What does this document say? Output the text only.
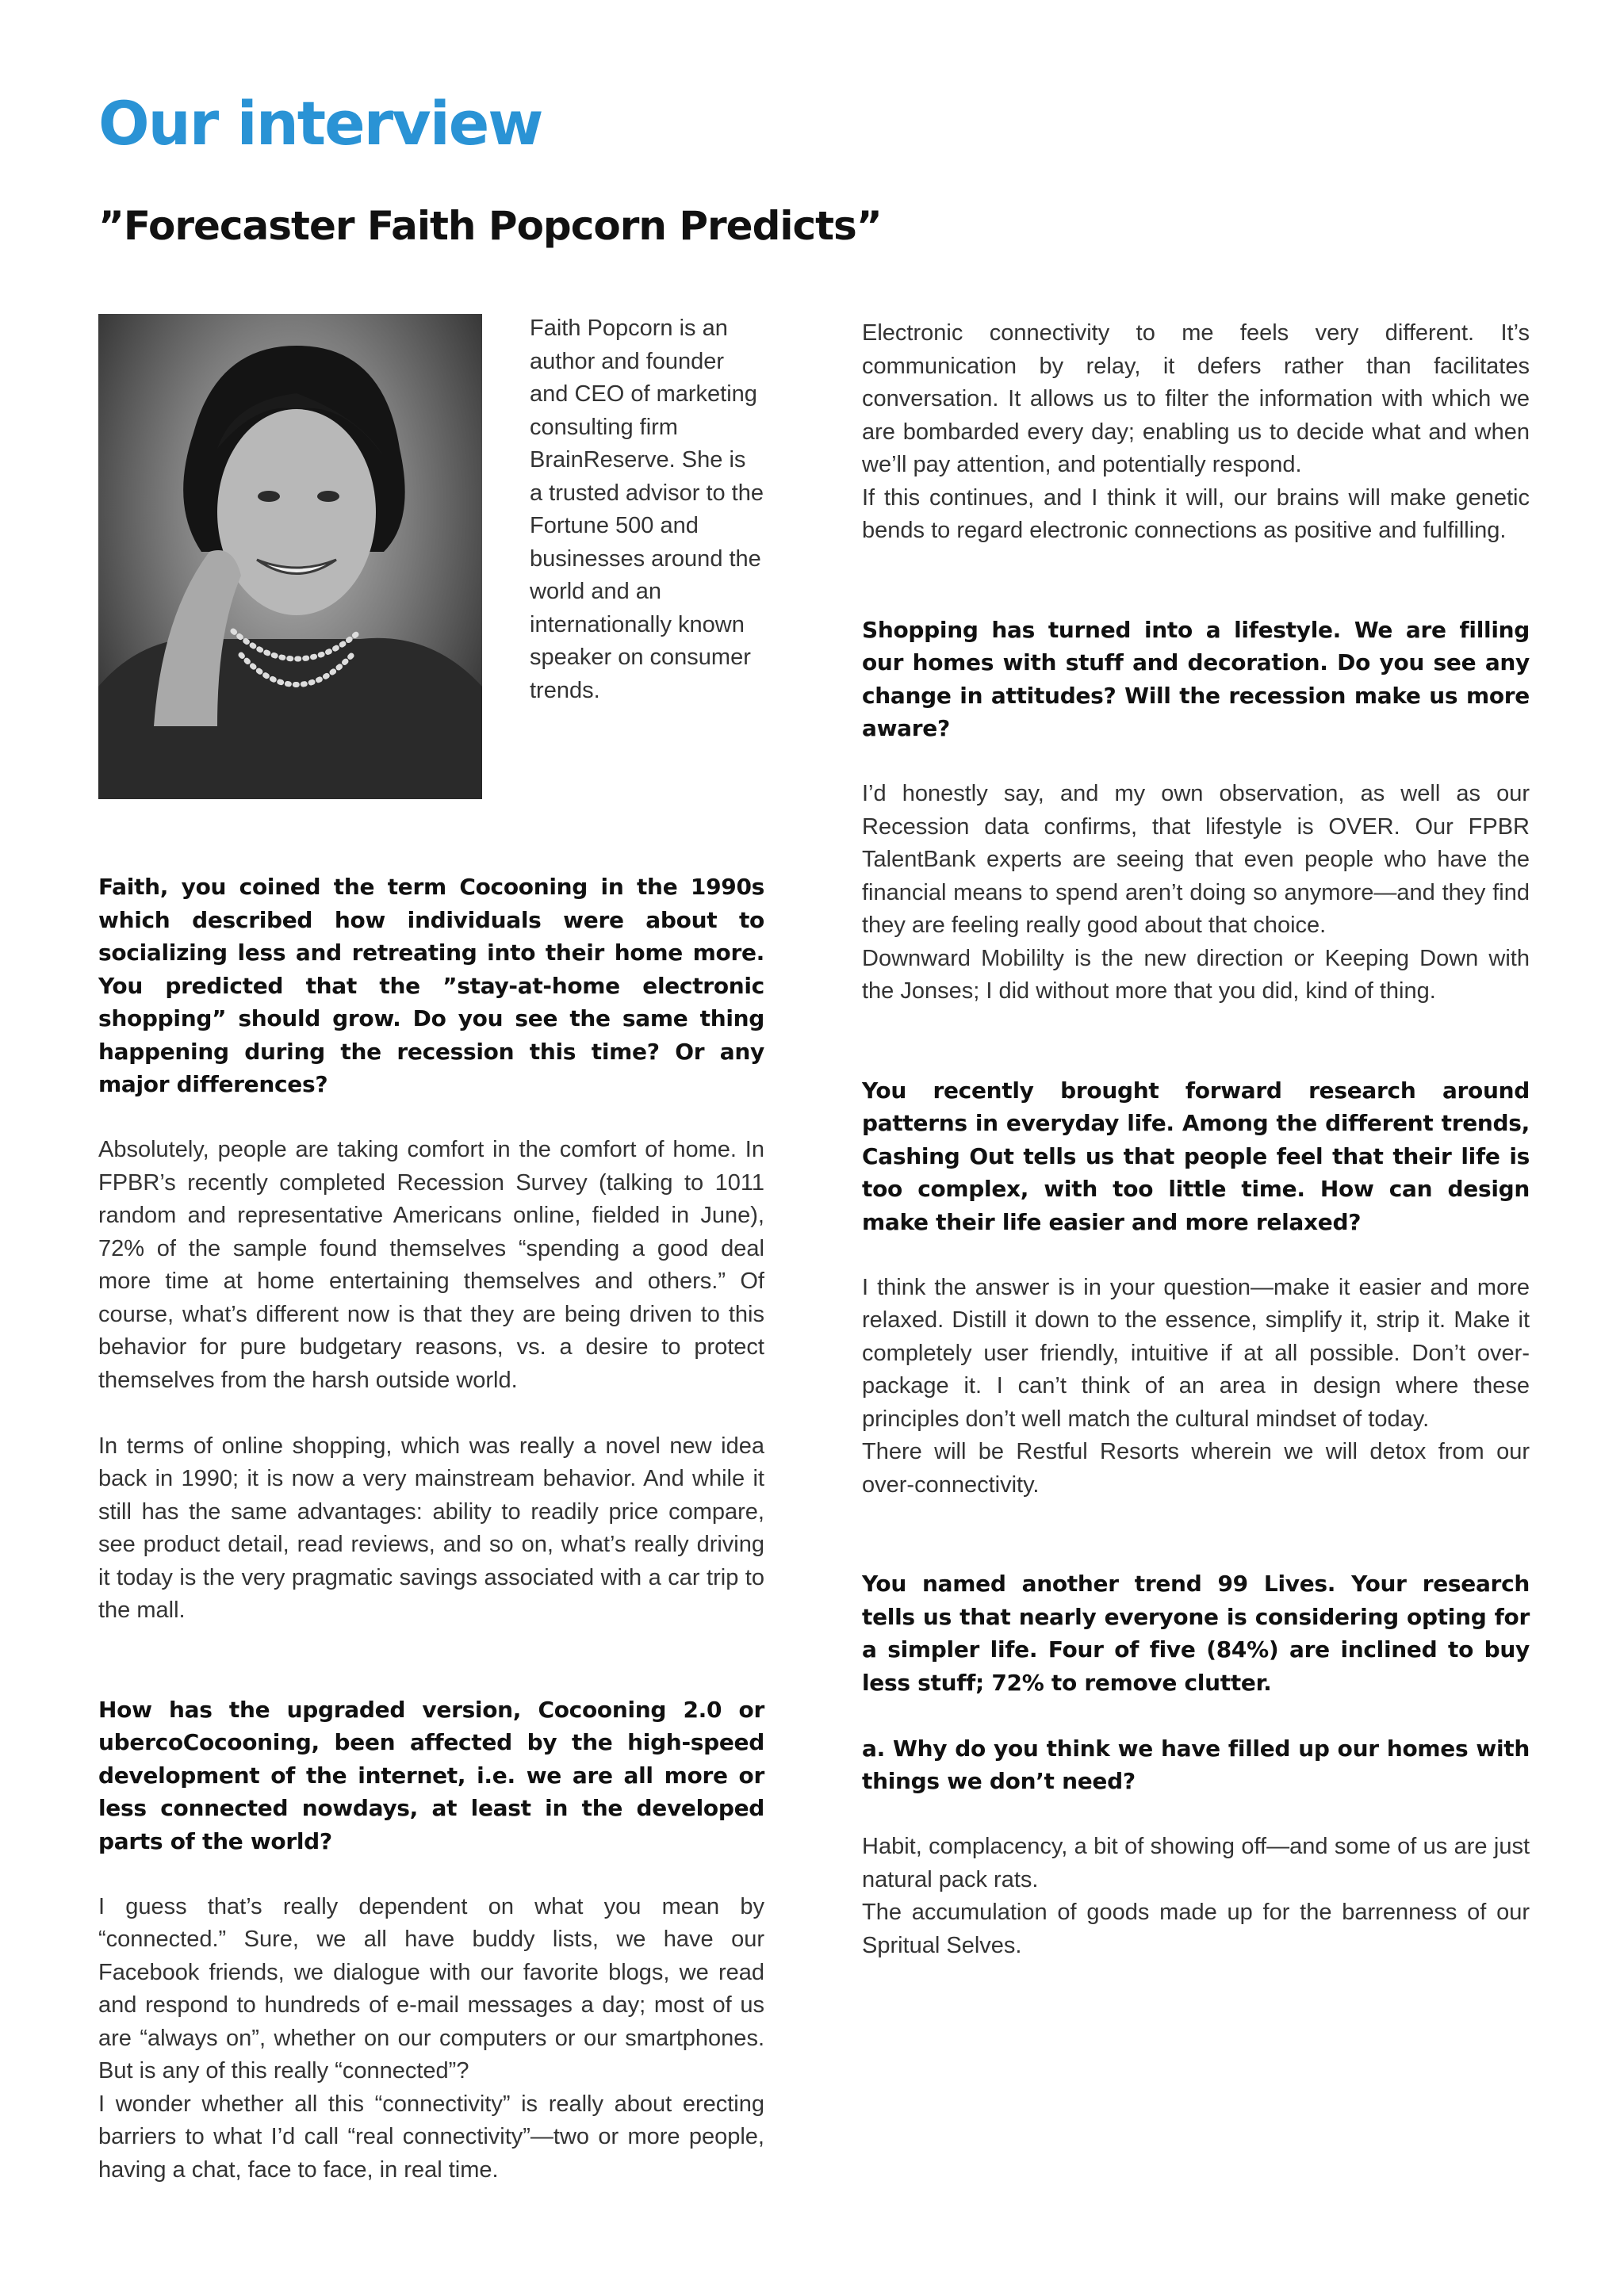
Our interview
”Forecaster Faith Popcorn Predicts”

Faith Popcorn is an author and founder and CEO of marketing consulting firm BrainReserve. She is a trusted advisor to the Fortune 500 and businesses around the world and an internationally known speaker on consumer trends.

Faith, you coined the term Cocooning in the 1990s which described how individuals were about to socializing less and retreating into their home more. You predicted that the ”stay-at-home electronic shopping” should grow. Do you see the same thing happening during the recession this time? Or any major differences?

Absolutely, people are taking comfort in the comfort of home. In FPBR’s recently completed Recession Survey (talking to 1011 random and representative Americans online, fielded in June), 72% of the sample found themselves “spending a good deal more time at home entertaining themselves and others.” Of course, what’s different now is that they are being driven to this behavior for pure budgetary reasons, vs. a desire to protect themselves from the harsh outside world.

In terms of online shopping, which was really a novel new idea back in 1990; it is now a very mainstream behavior. And while it still has the same advantages: ability to readily price compare, see product detail, read reviews, and so on, what’s really driving it today is the very pragmatic savings associated with a car trip to the mall.

How has the upgraded version, Cocooning 2.0 or ubercoCocooning, been affected by the high-speed development of the internet, i.e. we are all more or less connected nowdays, at least in the developed parts of the world?

I guess that’s really dependent on what you mean by “connected.” Sure, we all have buddy lists, we have our Facebook friends, we dialogue with our favorite blogs, we read and respond to hundreds of e-mail messages a day; most of us are “always on”, whether on our computers or our smartphones. But is any of this really “connected”?

I wonder whether all this “connectivity” is really about erecting barriers to what I’d call “real connectivity”—two or more people, having a chat, face to face, in real time.

Electronic connectivity to me feels very different. It’s communication by relay, it defers rather than facilitates conversation. It allows us to filter the information with which we are bombarded every day; enabling us to decide what and when we’ll pay attention, and potentially respond.

If this continues, and I think it will, our brains will make genetic bends to regard electronic connections as positive and fulfilling.

Shopping has turned into a lifestyle. We are filling our homes with stuff and decoration. Do you see any change in attitudes? Will the recession make us more aware?

I’d honestly say, and my own observation, as well as our Recession data confirms, that lifestyle is OVER. Our FPBR TalentBank experts are seeing that even people who have the financial means to spend aren’t doing so anymore—and they find they are feeling really good about that choice.

Downward Mobililty is the new direction or Keeping Down with the Jonses; I did without more that you did, kind of thing.

You recently brought forward research around patterns in everyday life. Among the different trends, Cashing Out tells us that people feel that their life is too complex, with too little time. How can design make their life easier and more relaxed?

I think the answer is in your question—make it easier and more relaxed. Distill it down to the essence, simplify it, strip it. Make it completely user friendly, intuitive if at all possible. Don’t over-package it. I can’t think of an area in design where these principles don’t well match the cultural mindset of today.

There will be Restful Resorts wherein we will detox from our over-connectivity.

You named another trend 99 Lives. Your research tells us that nearly everyone is considering opting for a simpler life. Four of five (84%) are inclined to buy less stuff; 72% to remove clutter.

a. Why do you think we have filled up our homes with things we don’t need?

Habit, complacency, a bit of showing off—and some of us are just natural pack rats.

The accumulation of goods made up for the barrenness of our Spritual Selves.
